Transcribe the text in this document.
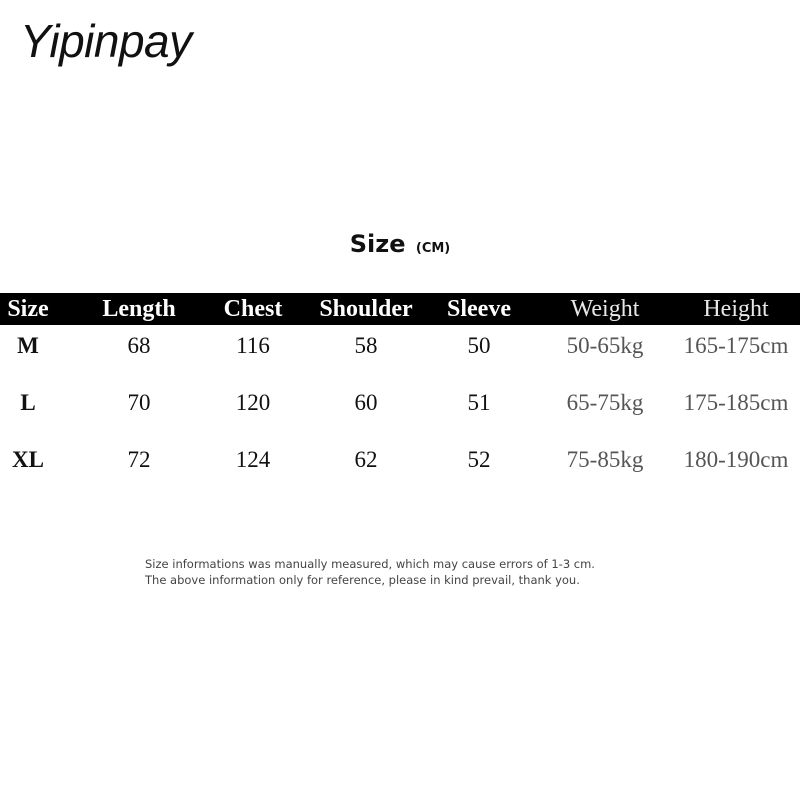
Yipinpay
Size (CM)
Size	Length	Chest	Shoulder	Sleeve	Weight	Height
M	68	116	58	50	50-65kg	165-175cm
L	70	120	60	51	65-75kg	175-185cm
XL	72	124	62	52	75-85kg	180-190cm
Size informations was manually measured, which may cause errors of 1-3 cm.
The above information only for reference, please in kind prevail, thank you.
